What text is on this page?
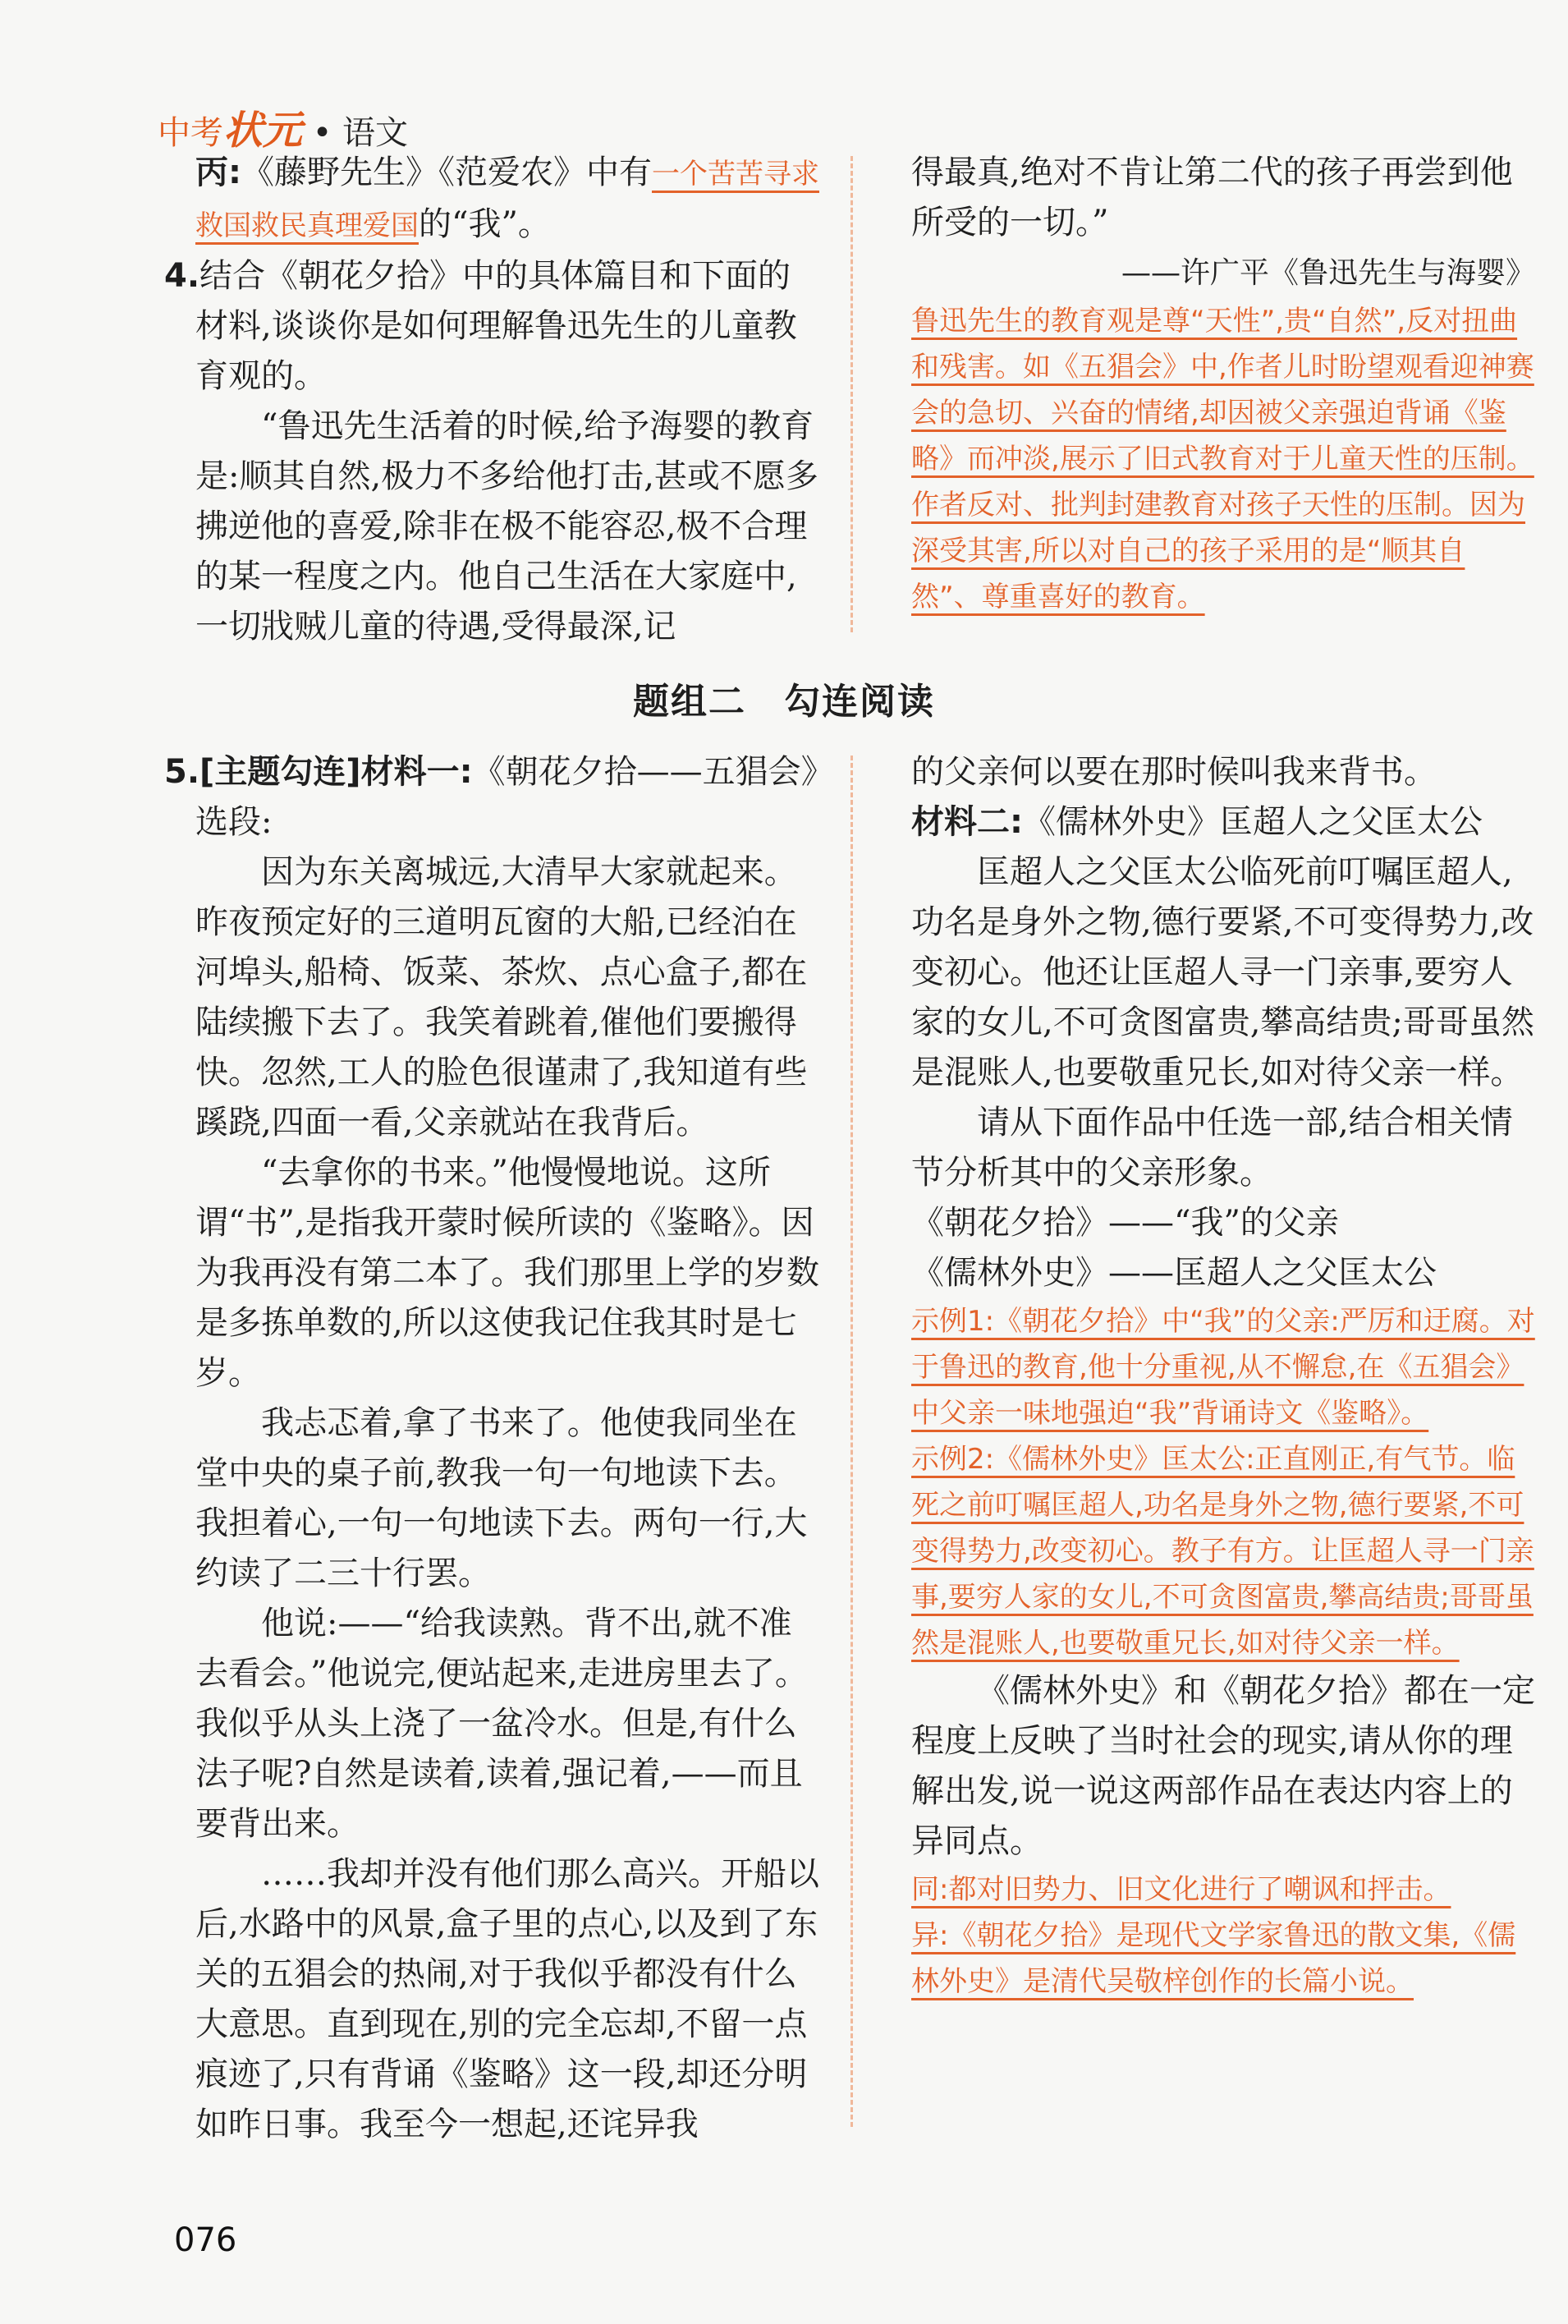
中考状元 • 语文

丙:《藤野先生》《范爱农》中有一个苦苦寻求救国救民真理爱国的“我”。

4.结合《朝花夕拾》中的具体篇目和下面的材料,谈谈你是如何理解鲁迅先生的儿童教育观的。

“鲁迅先生活着的时候,给予海婴的教育是:顺其自然,极力不多给他打击,甚或不愿多拂逆他的喜爱,除非在极不能容忍,极不合理的某一程度之内。他自己生活在大家庭中,一切戕贼儿童的待遇,受得最深,记

得最真,绝对不肯让第二代的孩子再尝到他所受的一切。”

——许广平《鲁迅先生与海婴》

鲁迅先生的教育观是尊“天性”,贵“自然”,反对扭曲和残害。如《五猖会》中,作者儿时盼望观看迎神赛会的急切、兴奋的情绪,却因被父亲强迫背诵《鉴略》而冲淡,展示了旧式教育对于儿童天性的压制。作者反对、批判封建教育对孩子天性的压制。因为深受其害,所以对自己的孩子采用的是“顺其自然”、尊重喜好的教育。

题组二　勾连阅读

5.[主题勾连]材料一:《朝花夕拾——五猖会》选段:

因为东关离城远,大清早大家就起来。昨夜预定好的三道明瓦窗的大船,已经泊在河埠头,船椅、饭菜、茶炊、点心盒子,都在陆续搬下去了。我笑着跳着,催他们要搬得快。忽然,工人的脸色很谨肃了,我知道有些蹊跷,四面一看,父亲就站在我背后。

“去拿你的书来。”他慢慢地说。这所谓“书”,是指我开蒙时候所读的《鉴略》。因为我再没有第二本了。我们那里上学的岁数是多拣单数的,所以这使我记住我其时是七岁。

我忐忑着,拿了书来了。他使我同坐在堂中央的桌子前,教我一句一句地读下去。我担着心,一句一句地读下去。两句一行,大约读了二三十行罢。

他说:——“给我读熟。背不出,就不准去看会。”他说完,便站起来,走进房里去了。我似乎从头上浇了一盆冷水。但是,有什么法子呢?自然是读着,读着,强记着,——而且要背出来。

……我却并没有他们那么高兴。开船以后,水路中的风景,盒子里的点心,以及到了东关的五猖会的热闹,对于我似乎都没有什么大意思。直到现在,别的完全忘却,不留一点痕迹了,只有背诵《鉴略》这一段,却还分明如昨日事。我至今一想起,还诧异我

的父亲何以要在那时候叫我来背书。

材料二:《儒林外史》匡超人之父匡太公

匡超人之父匡太公临死前叮嘱匡超人,功名是身外之物,德行要紧,不可变得势力,改变初心。他还让匡超人寻一门亲事,要穷人家的女儿,不可贪图富贵,攀高结贵;哥哥虽然是混账人,也要敬重兄长,如对待父亲一样。

请从下面作品中任选一部,结合相关情节分析其中的父亲形象。

《朝花夕拾》——“我”的父亲

《儒林外史》——匡超人之父匡太公

示例1:《朝花夕拾》中“我”的父亲:严厉和迂腐。对于鲁迅的教育,他十分重视,从不懈怠,在《五猖会》中父亲一味地强迫“我”背诵诗文《鉴略》。

示例2:《儒林外史》匡太公:正直刚正,有气节。临死之前叮嘱匡超人,功名是身外之物,德行要紧,不可变得势力,改变初心。教子有方。让匡超人寻一门亲事,要穷人家的女儿,不可贪图富贵,攀高结贵;哥哥虽然是混账人,也要敬重兄长,如对待父亲一样。

《儒林外史》和《朝花夕拾》都在一定程度上反映了当时社会的现实,请从你的理解出发,说一说这两部作品在表达内容上的异同点。

同:都对旧势力、旧文化进行了嘲讽和抨击。

异:《朝花夕拾》是现代文学家鲁迅的散文集,《儒林外史》是清代吴敬梓创作的长篇小说。

076
